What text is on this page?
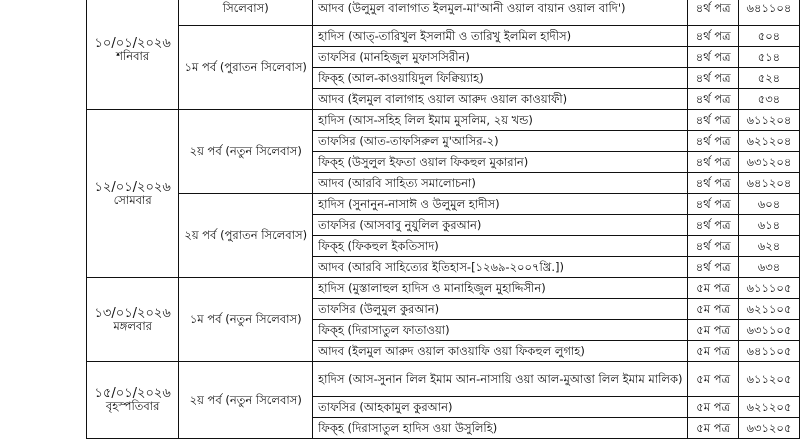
১০/০১/২০২৬
শনিবার	সিলেবাস)	আদব (উলুমুল বালাগাত ইলমুল-মা'আনী ওয়াল বায়ান ওয়াল বাদি')	৪র্থ পত্র	৬৪১১০৪
	১ম পর্ব (পুরাতন সিলেবাস)	হাদিস (আত্-তারিখুল ইসলামী ও তারিখু ইলমিল হাদীস)	৪র্থ পত্র	৫০৪
		তাফসির (মানহিজুল মুফাসসিরীন)	৪র্থ পত্র	৫১৪
		ফিক্হ (আল-কাওয়ায়িদুল ফিক্বিয়্যাহ)	৪র্থ পত্র	৫২৪
		আদব (ইলমুল বালাগাহ ওয়াল আরুদ ওয়াল কাওয়াফী)	৪র্থ পত্র	৫৩৪

১২/০১/২০২৬
সোমবার	২য় পর্ব (নতুন সিলেবাস)	হাদিস (আস-সহিহ লিল ইমাম মুসলিম, ২য় খন্ড)	৪র্থ পত্র	৬১১২০৪
		তাফসির (আত-তাফসিরুল মু'আসির-২)	৪র্থ পত্র	৬২১২০৪
		ফিক্হ (উসুলুল ইফতা ওয়াল ফিকহুল মুকারান)	৪র্থ পত্র	৬৩১২০৪
		আদব (আরবি সাহিত্য সমালোচনা)	৪র্থ পত্র	৬৪১২০৪
	২য় পর্ব (পুরাতন সিলেবাস)	হাদিস (সুনানুন-নাসাঈ ও উলুমুল হাদীস)	৪র্থ পত্র	৬০৪
		তাফসির (আসবাবু নুযুলিল কুরআন)	৪র্থ পত্র	৬১৪
		ফিক্হ (ফিকহুল ইকতিসাদ)	৪র্থ পত্র	৬২৪
		আদব (আরবি সাহিত্যের ইতিহাস-[১২৬৯-২০০৭খ্রি.])	৪র্থ পত্র	৬৩৪

১৩/০১/২০২৬
মঙ্গলবার	১ম পর্ব (নতুন সিলেবাস)	হাদিস (মুস্তালাহুল হাদিস ও মানাহিজুল মুহাদ্দিসীন)	৫ম পত্র	৬১১১০৫
		তাফসির (উলুমুল কুরআন)	৫ম পত্র	৬২১১০৫
		ফিক্হ (দিরাসাতুল ফাতাওয়া)	৫ম পত্র	৬৩১১০৫
		আদব (ইলমুল আরুদ ওয়াল কাওয়াফি ওয়া ফিকহুল লুগাহ)	৫ম পত্র	৬৪১১০৫

১৫/০১/২০২৬
বৃহস্পতিবার	২য় পর্ব (নতুন সিলেবাস)	হাদিস (আস-সুনান লিল ইমাম আন-নাসায়ি ওয়া আল-মুআত্তা লিল ইমাম মালিক)	৫ম পত্র	৬১১২০৫
		তাফসির (আহকামুল কুরআন)	৫ম পত্র	৬২১২০৫
		ফিক্হ (দিরাসাতুল হাদিস ওয়া উসুলিহি)	৫ম পত্র	৬৩১২০৫
